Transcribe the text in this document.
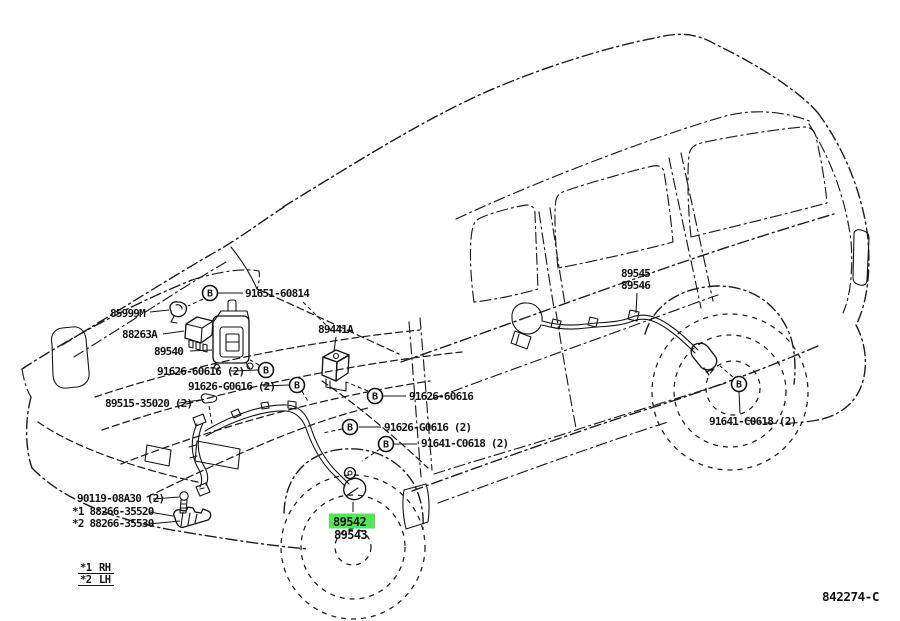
B
B
B
B
B
B
B
91651-60814
85999M
88263A
89540
91626-60616 (2)
91626-G0616 (2)
89515-35020 (2)
89441A
91626-60616
91626-G0616 (2)
91641-C0618 (2)
89545
89546
91641-C0618 (2)
90119-08A30 (2)
*1 88266-35520
*2 88266-35530	89542
89543
*1 RH
*2 LH
842274-C
